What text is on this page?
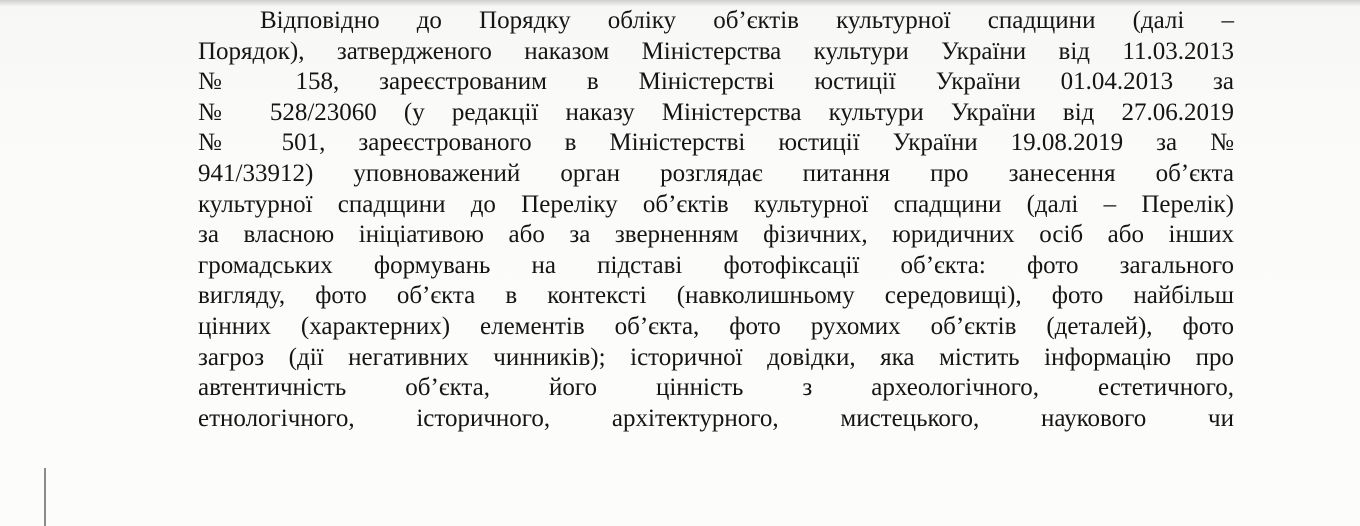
Відповідно до Порядку обліку об’єктів культурної спадщини (далі –
Порядок), затвердженого наказом Міністерства культури України від 11.03.2013
№ 158, зареєстрованим в Міністерстві юстиції України 01.04.2013 за
№ 528/23060 (у редакції наказу Міністерства культури України від 27.06.2019
№ 501, зареєстрованого в Міністерстві юстиції України 19.08.2019 за №
941/33912) уповноважений орган розглядає питання про занесення об’єкта
культурної спадщини до Переліку об’єктів культурної спадщини (далі – Перелік)
за власною ініціативою або за зверненням фізичних, юридичних осіб або інших
громадських формувань на підставі фотофіксації об’єкта: фото загального
вигляду, фото об’єкта в контексті (навколишньому середовищі), фото найбільш
цінних (характерних) елементів об’єкта, фото рухомих об’єктів (деталей), фото
загроз (дії негативних чинників); історичної довідки, яка містить інформацію про
автентичність об’єкта, його цінність з археологічного, естетичного,
етнологічного, історичного, архітектурного, мистецького, наукового чи
